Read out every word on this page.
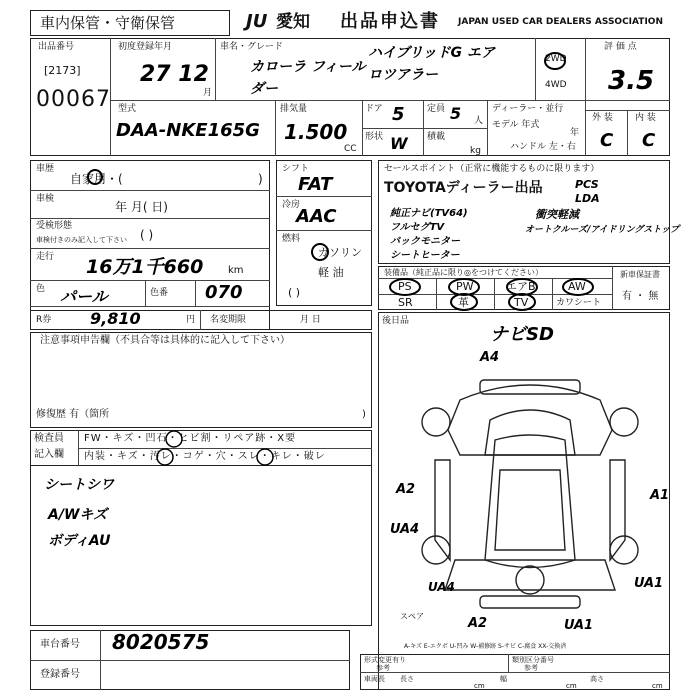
車内保管・守衛保管	JU 愛知 出品申込書 JAPAN USED CAR DEALERS ASSOCIATION
出品番号
[2173]
00067
初度登録年月
27 12
月
車名・グレード
カローラ フィールダー
ハイブリッドG エアロツアラー
2WD
4WD
評 価 点
3.5
外 装 内 装
C C
型式
DAA-NKE165G
排気量
1.500
CC
ドア 5 定員 5 人
形状 W 積載
kg
ディーラー・並行
モデル 年式
年
ハンドル 左・右
車歴
自家用・(	)
車検
年 月( 日)
受検形態
車検付きのみ記入して下さい ( )
走行 16万1千660 km
色 パール	色番 070
シフト
FAT
冷房
AAC
燃料
ガソリン
軽 油
( )
セールスポイント（正常に機能するものに限ります）
TOYOTAディーラー出品
純正ナビ(TV64)
フルセグTV
バックモニター
シートヒーター
PCS
LDA
衝突軽減
オートクルーズ/アイドリングストップ
装備品（純正品に限り◎をつけてください）
PS	PW	エアB	AW
SR	革	TV	カワシート
新車保証書
有 ・ 無
R券 9,810	円 名変期限	月 日
注意事項申告欄（不具合等は具体的に記入して下さい）
修復歴 有（箇所	)
検査員
記入欄
FW・キズ・凹石・ヒビ割・リペア跡・X要
内装・キズ・汚レ・コゲ・穴・スレ・キレ・破レ
シートシワ
A/Wキズ
ボディAU
車台番号 8020575
登録番号
後日品
ナビSD
A4
A2	A1
UA4
UA4	UA1
A2	UA1
スペア
A-キズ E-エクボ U-凹み W-補修跡 S-サビ C-腐食 XX-交換済
形式変更有り
参考
類別区分番号
参考
車両長 長さ	幅	高さ
cm	cm	cm
